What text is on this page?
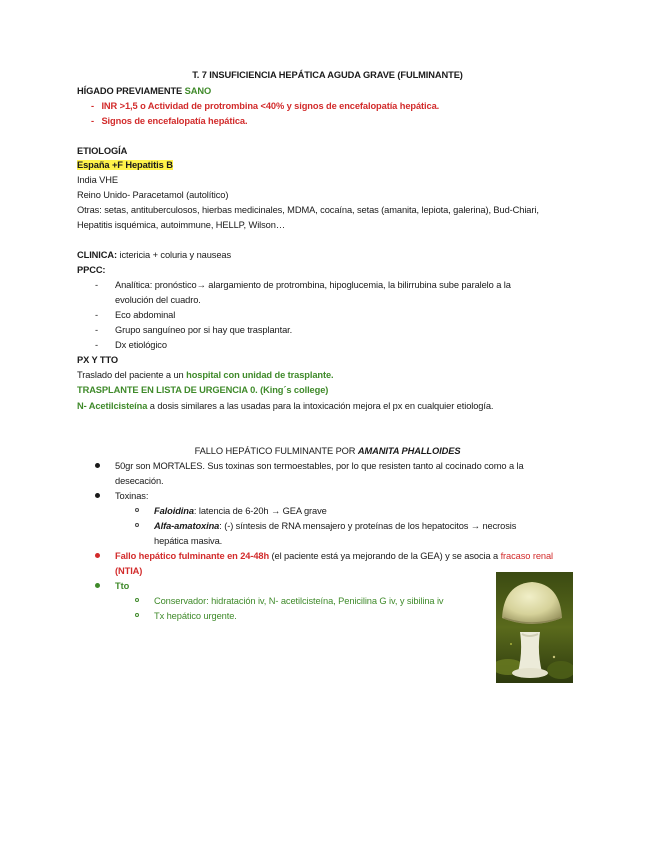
T. 7 INSUFICIENCIA HEPÁTICA AGUDA GRAVE (FULMINANTE)
HÍGADO PREVIAMENTE SANO
- INR >1,5 o Actividad de protrombina <40% y signos de encefalopatía hepática.
- Signos de encefalopatía hepática.
ETIOLOGÍA
España +F Hepatitis B
India VHE
Reino Unido- Paracetamol (autolítico)
Otras: setas, antituberculosos, hierbas medicinales, MDMA, cocaína, setas (amanita, lepiota, galerina), Bud-Chiari,
Hepatitis isquémica, autoimmune, HELLP, Wilson…
CLINICA: ictericia + coluria y nauseas
PPCC:
- Analítica: pronóstico→ alargamiento de protrombina, hipoglucemia, la bilirrubina sube paralelo a la
evolución del cuadro.
- Eco abdominal
- Grupo sanguíneo por si hay que trasplantar.
- Dx etiológico
PX Y TTO
Traslado del paciente a un hospital con unidad de trasplante.
TRASPLANTE EN LISTA DE URGENCIA 0. (King´s college)
N- Acetilcisteína a dosis similares a las usadas para la intoxicación mejora el px en cualquier etiología.
FALLO HEPÁTICO FULMINANTE POR AMANITA PHALLOIDES
50gr son MORTALES. Sus toxinas son termoestables, por lo que resisten tanto al cocinado como a la
desecación.
Toxinas:
Faloidina: latencia de 6-20h → GEA grave
Alfa-amatoxina: (-) síntesis de RNA mensajero y proteínas de los hepatocitos → necrosis
hepática masiva.
Fallo hepático fulminante en 24-48h (el paciente está ya mejorando de la GEA) y se asocia a fracaso renal
(NTIA)
Tto
Conservador: hidratación iv, N- acetilcisteína, Penicilina G iv, y sibilina iv
Tx hepático urgente.
